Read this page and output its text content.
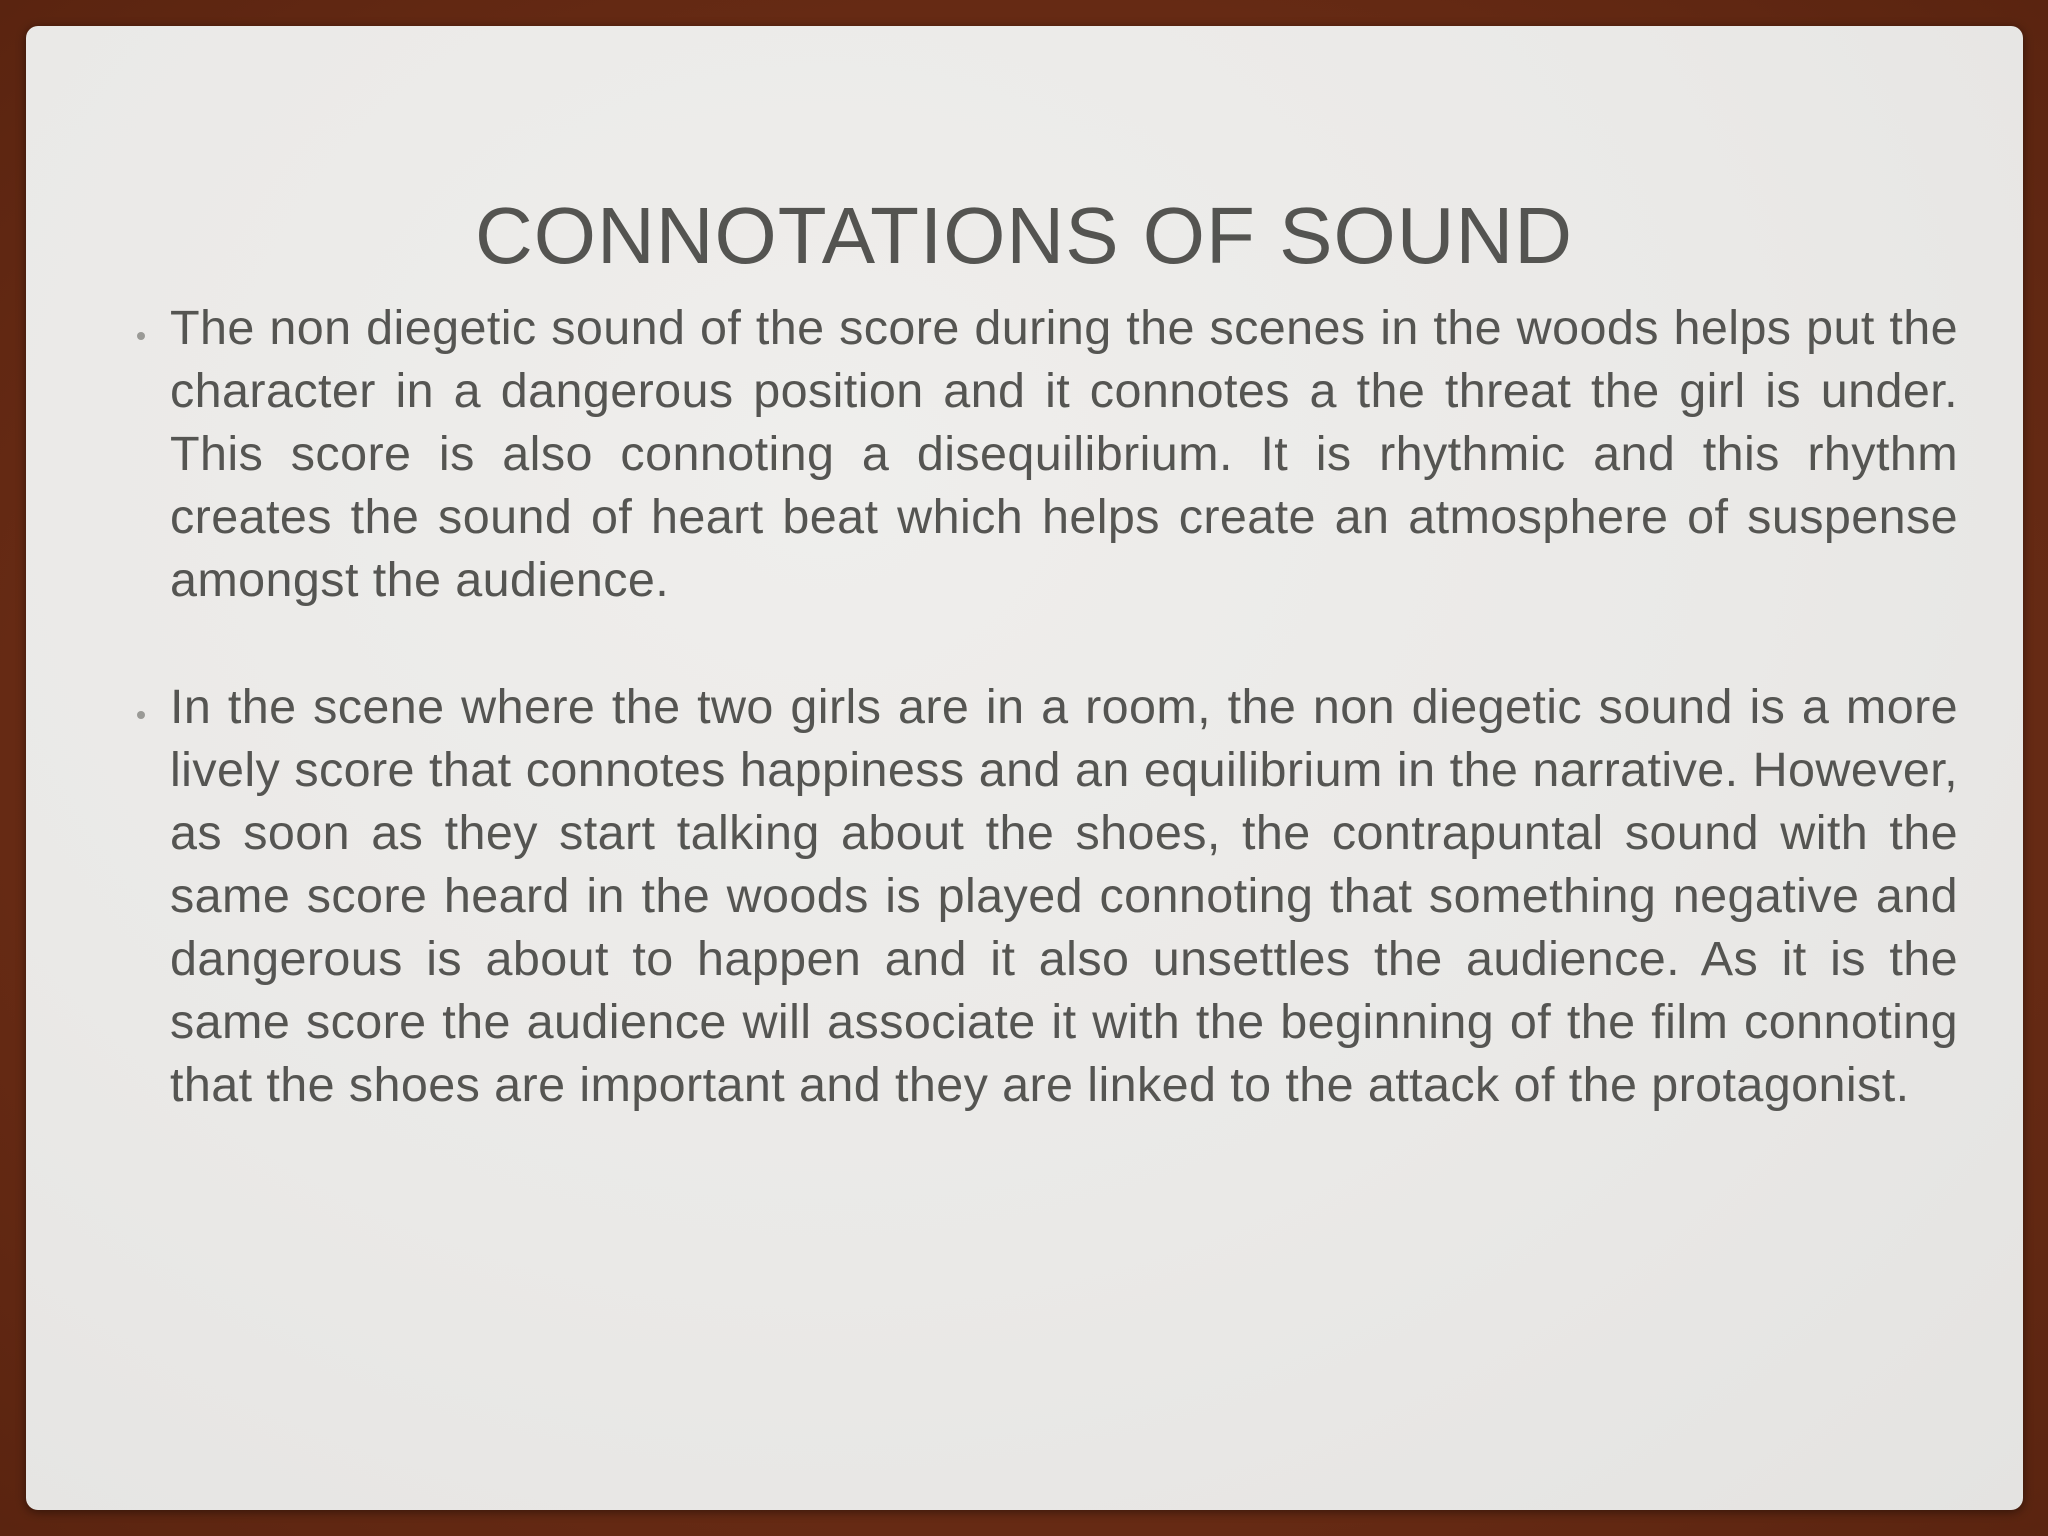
CONNOTATIONS OF SOUND
The non diegetic sound of the score during the scenes in the woods helps put the character in a dangerous position and it connotes a the threat the girl is under. This score is also connoting a disequilibrium. It is rhythmic and this rhythm creates the sound of heart beat which helps create an atmosphere of suspense amongst the audience.
In the scene where the two girls are in a room, the non diegetic sound is a more lively score that connotes happiness and an equilibrium in the narrative. However, as soon as they start talking about the shoes, the contrapuntal sound with the same score heard in the woods is played connoting that something negative and dangerous is about to happen and it also unsettles the audience. As it is the same score the audience will associate it with the beginning of the film connoting that the shoes are important and they are linked to the attack of the protagonist.
